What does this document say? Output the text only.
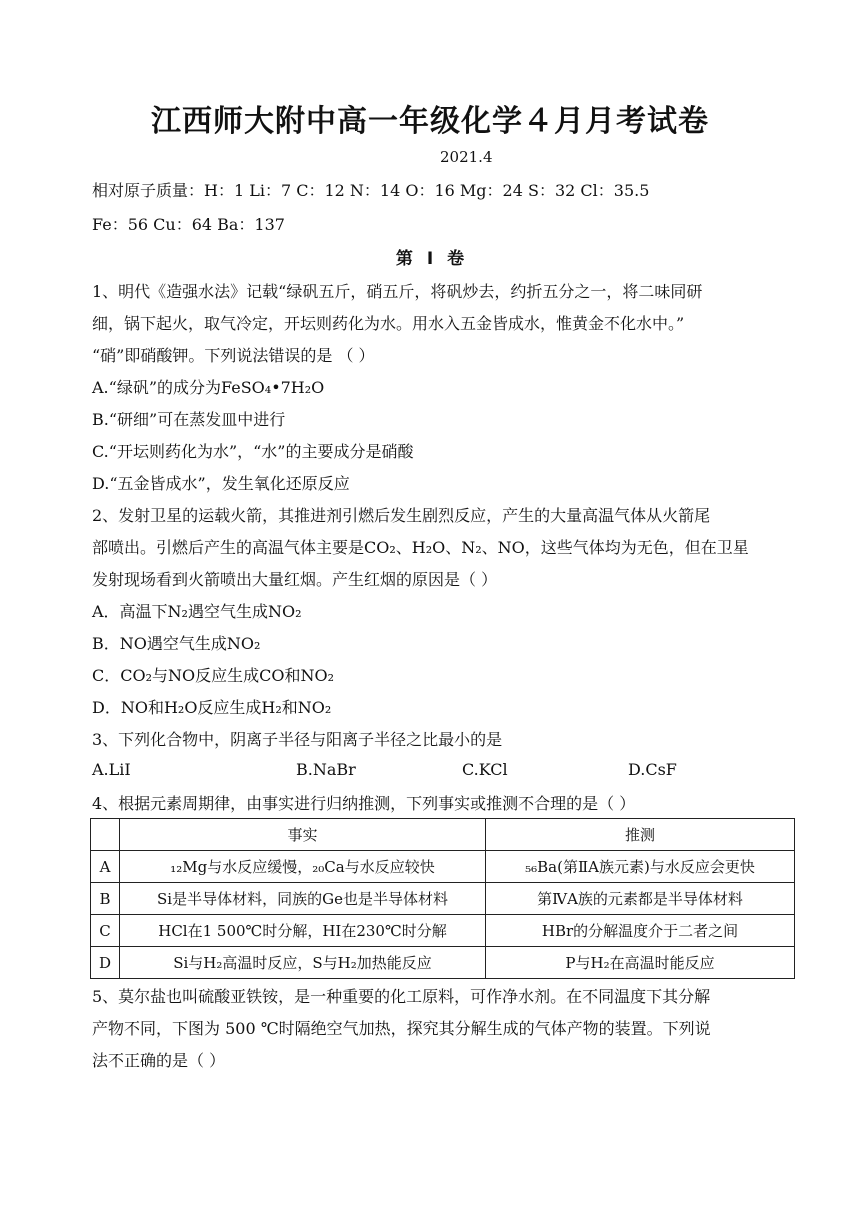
江西师大附中高一年级化学４月月考试卷
2021.4
相对原子质量：H：1 Li：7 C：12 N：14 O：16 Mg：24 S：32 Cl：35.5
Fe：56 Cu：64 Ba：137
第 Ⅰ 卷
1、明代《造强水法》记载“绿矾五斤，硝五斤，将矾炒去，约折五分之一，将二味同研
细，锅下起火，取气冷定，开坛则药化为水。用水入五金皆成水，惟黄金不化水中。”
“硝”即硝酸钾。下列说法错误的是 （ ）
A.“绿矾”的成分为FeSO₄•7H₂O
B.“研细”可在蒸发皿中进行
C.“开坛则药化为水”，“水”的主要成分是硝酸
D.“五金皆成水”，发生氧化还原反应
2、发射卫星的运载火箭，其推进剂引燃后发生剧烈反应，产生的大量高温气体从火箭尾
部喷出。引燃后产生的高温气体主要是CO₂、H₂O、N₂、NO，这些气体均为无色，但在卫星
发射现场看到火箭喷出大量红烟。产生红烟的原因是（ ）
A．高温下N₂遇空气生成NO₂
B．NO遇空气生成NO₂
C．CO₂与NO反应生成CO和NO₂
D．NO和H₂O反应生成H₂和NO₂
3、下列化合物中，阴离子半径与阳离子半径之比最小的是
A.LiI	B.NaBr	C.KCl	D.CsF
4、根据元素周期律，由事实进行归纳推测，下列事实或推测不合理的是（ ）
	事实	推测
A	₁₂Mg与水反应缓慢，₂₀Ca与水反应较快	₅₆Ba(第ⅡA族元素)与水反应会更快
B	Si是半导体材料，同族的Ge也是半导体材料	第ⅣA族的元素都是半导体材料
C	HCl在1 500℃时分解，HI在230℃时分解	HBr的分解温度介于二者之间
D	Si与H₂高温时反应，S与H₂加热能反应	P与H₂在高温时能反应
5、莫尔盐也叫硫酸亚铁铵，是一种重要的化工原料，可作净水剂。在不同温度下其分解
产物不同，下图为 500 ℃时隔绝空气加热，探究其分解生成的气体产物的装置。下列说
法不正确的是（ ）
